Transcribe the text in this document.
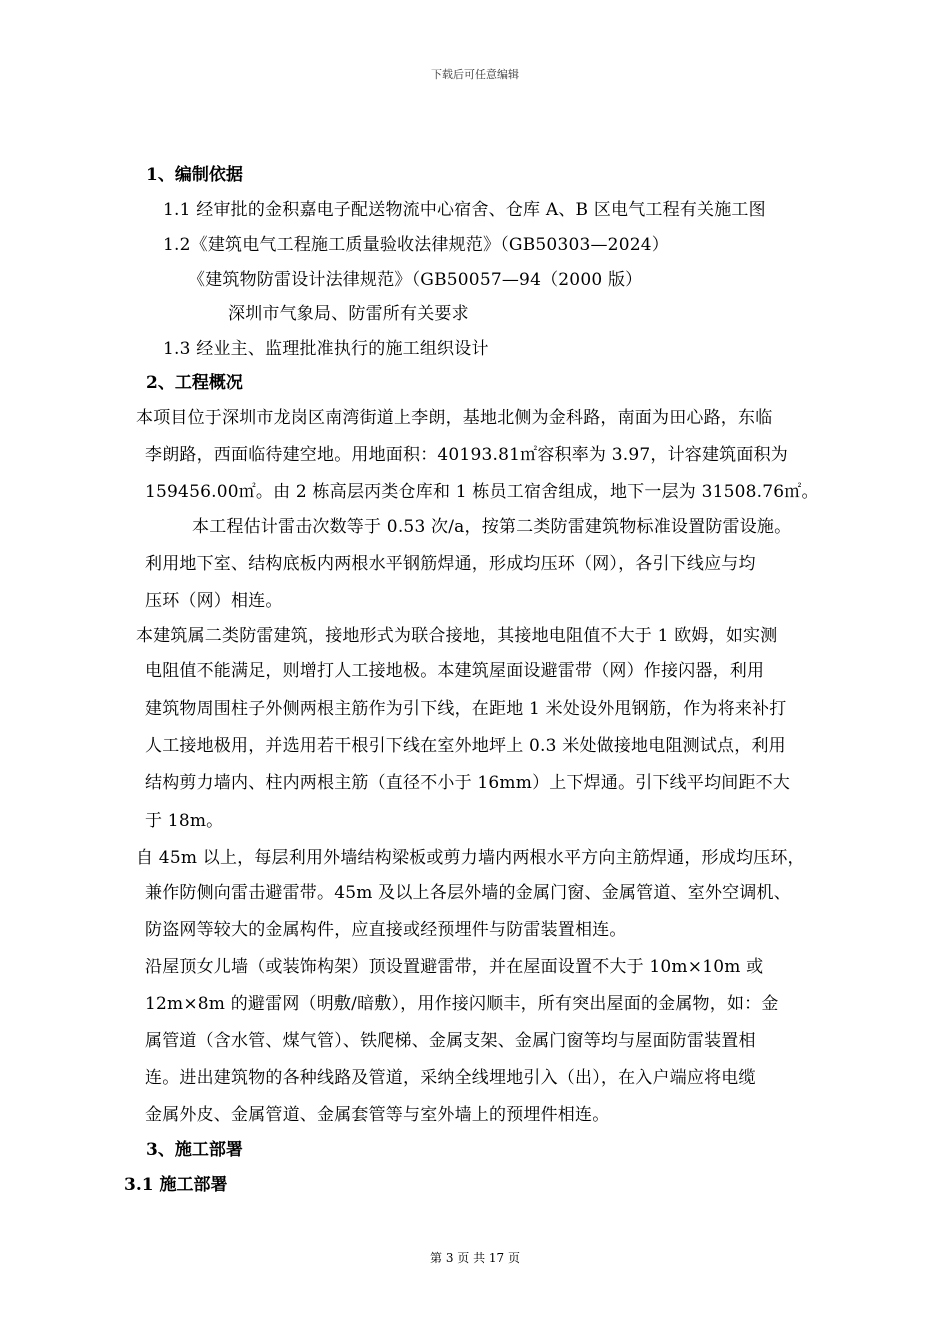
下载后可任意编辑
1、编制依据
1.1 经审批的金积嘉电子配送物流中心宿舍、仓库 A、B 区电气工程有关施工图
1.2《建筑电气工程施工质量验收法律规范》（GB50303—2024）
《建筑物防雷设计法律规范》（GB50057—94（2000 版）
深圳市气象局、防雷所有关要求
1.3 经业主、监理批准执行的施工组织设计
2、工程概况
本项目位于深圳市龙岗区南湾街道上李朗，基地北侧为金科路，南面为田心路，东临
李朗路，西面临待建空地。用地面积：40193.81㎡容积率为 3.97，计容建筑面积为
159456.00㎡。由 2 栋高层丙类仓库和 1 栋员工宿舍组成，地下一层为 31508.76㎡。
本工程估计雷击次数等于 0.53 次/a，按第二类防雷建筑物标准设置防雷设施。
利用地下室、结构底板内两根水平钢筋焊通，形成均压环（网），各引下线应与均
压环（网）相连。
本建筑属二类防雷建筑，接地形式为联合接地，其接地电阻值不大于 1 欧姆，如实测
电阻值不能满足，则增打人工接地极。本建筑屋面设避雷带（网）作接闪器，利用
建筑物周围柱子外侧两根主筋作为引下线，在距地 1 米处设外甩钢筋，作为将来补打
人工接地极用，并选用若干根引下线在室外地坪上 0.3 米处做接地电阻测试点，利用
结构剪力墙内、柱内两根主筋（直径不小于 16mm）上下焊通。引下线平均间距不大
于 18m。
自 45m 以上，每层利用外墙结构梁板或剪力墙内两根水平方向主筋焊通，形成均压环，
兼作防侧向雷击避雷带。45m 及以上各层外墙的金属门窗、金属管道、室外空调机、
防盗网等较大的金属构件，应直接或经预埋件与防雷装置相连。
沿屋顶女儿墙（或装饰构架）顶设置避雷带，并在屋面设置不大于 10m×10m 或
12m×8m 的避雷网（明敷/暗敷），用作接闪顺丰，所有突出屋面的金属物，如：金
属管道（含水管、煤气管）、铁爬梯、金属支架、金属门窗等均与屋面防雷装置相
连。进出建筑物的各种线路及管道，采纳全线埋地引入（出），在入户端应将电缆
金属外皮、金属管道、金属套管等与室外墙上的预埋件相连。
3、施工部署
3.1 施工部署
第 3 页 共 17 页
